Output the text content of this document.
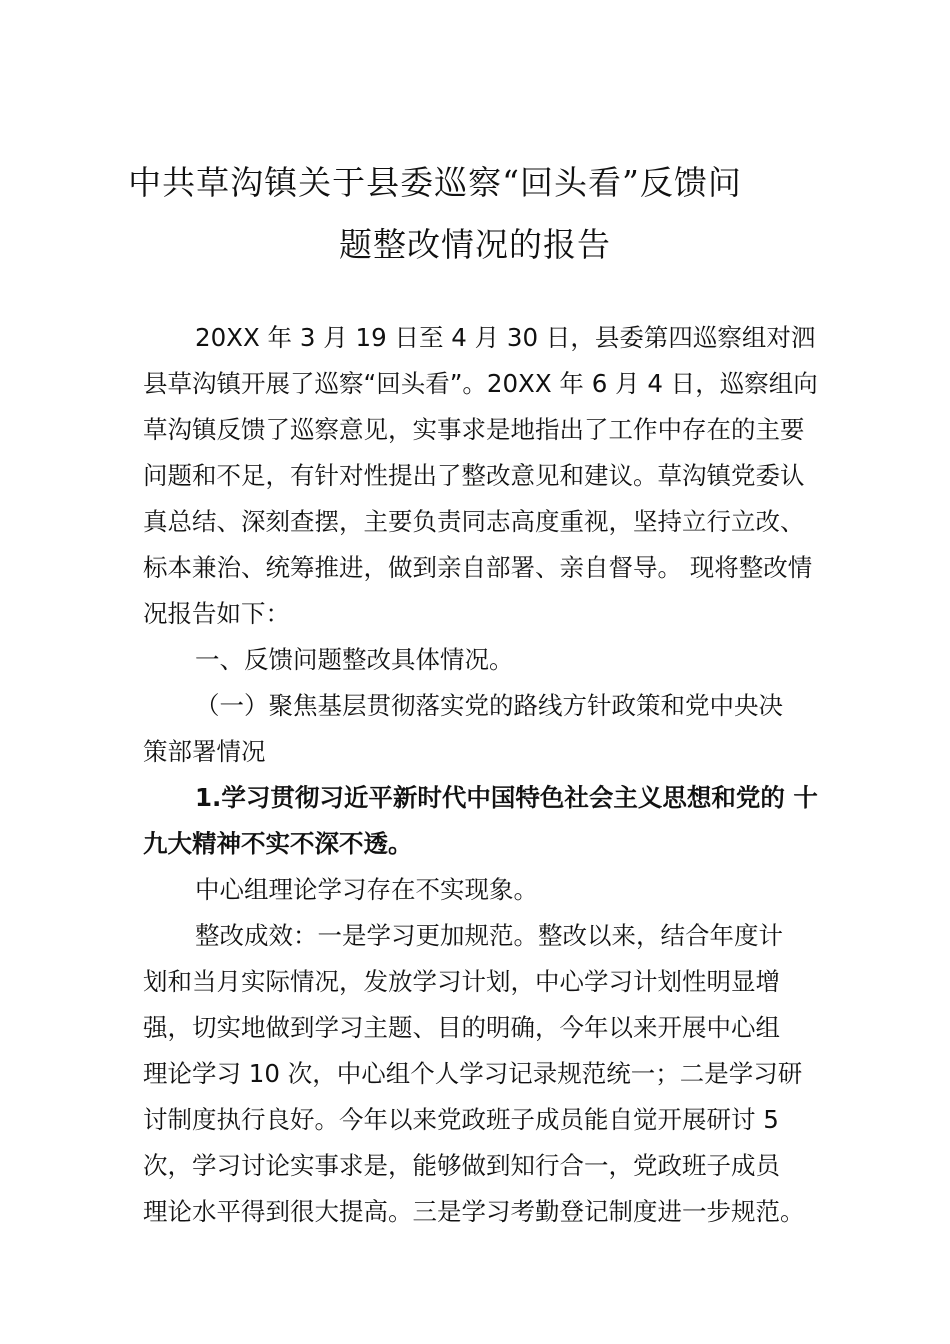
中共草沟镇关于县委巡察“回头看”反馈问
题整改情况的报告
20XX 年 3 月 19 日至 4 月 30 日，县委第四巡察组对泗
县草沟镇开展了巡察“回头看”。20XX 年 6 月 4 日，巡察组向
草沟镇反馈了巡察意见，实事求是地指出了工作中存在的主要
问题和不足，有针对性提出了整改意见和建议。草沟镇党委认
真总结、深刻查摆，主要负责同志高度重视，坚持立行立改、
标本兼治、统筹推进，做到亲自部署、亲自督导。 现将整改情
况报告如下：
一、反馈问题整改具体情况。
（一）聚焦基层贯彻落实党的路线方针政策和党中央决
策部署情况
1.学习贯彻习近平新时代中国特色社会主义思想和党的 十
九大精神不实不深不透。
中心组理论学习存在不实现象。
整改成效：一是学习更加规范。整改以来，结合年度计
划和当月实际情况，发放学习计划，中心学习计划性明显增
强，切实地做到学习主题、目的明确，今年以来开展中心组
理论学习 10 次，中心组个人学习记录规范统一；二是学习研
讨制度执行良好。今年以来党政班子成员能自觉开展研讨 5
次，学习讨论实事求是，能够做到知行合一，党政班子成员
理论水平得到很大提高。三是学习考勤登记制度进一步规范。
